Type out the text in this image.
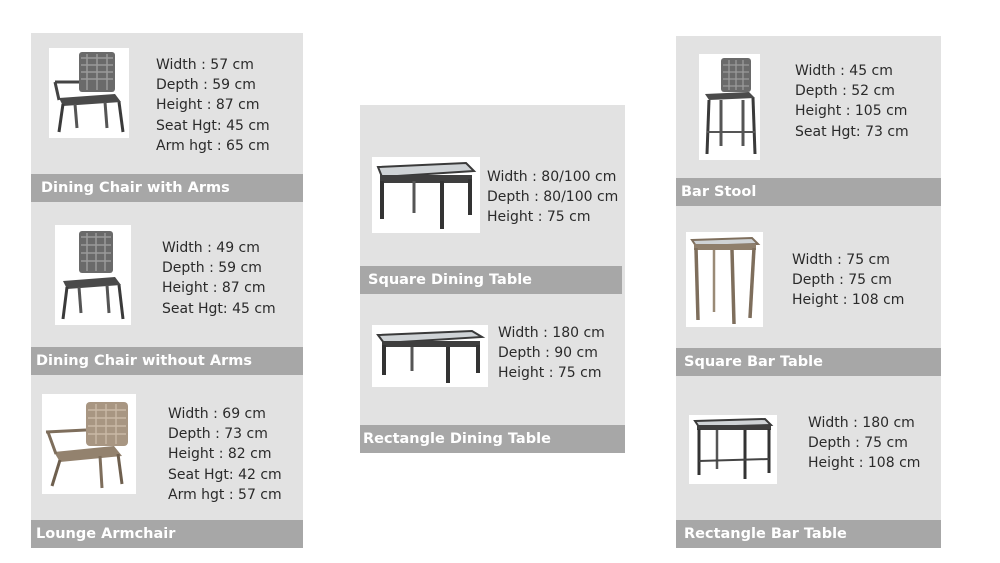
Width : 57 cm
Depth : 59 cm
Height : 87 cm
Seat Hgt: 45 cm
Arm hgt : 65 cm
Dining Chair with Arms
Width : 49 cm
Depth : 59 cm
Height : 87 cm
Seat Hgt: 45 cm
Dining Chair without Arms
Width : 69 cm
Depth : 73 cm
Height : 82 cm
Seat Hgt: 42 cm
Arm hgt : 57 cm
Lounge Armchair
Width : 80/100 cm
Depth : 80/100 cm
Height : 75 cm
Square Dining Table
Width : 180 cm
Depth : 90 cm
Height : 75 cm
Rectangle Dining Table
Width : 45 cm
Depth : 52 cm
Height : 105 cm
Seat Hgt: 73 cm
Bar Stool
Width : 75 cm
Depth : 75 cm
Height : 108 cm
Square Bar Table
Width : 180 cm
Depth : 75 cm
Height : 108 cm
Rectangle Bar Table
